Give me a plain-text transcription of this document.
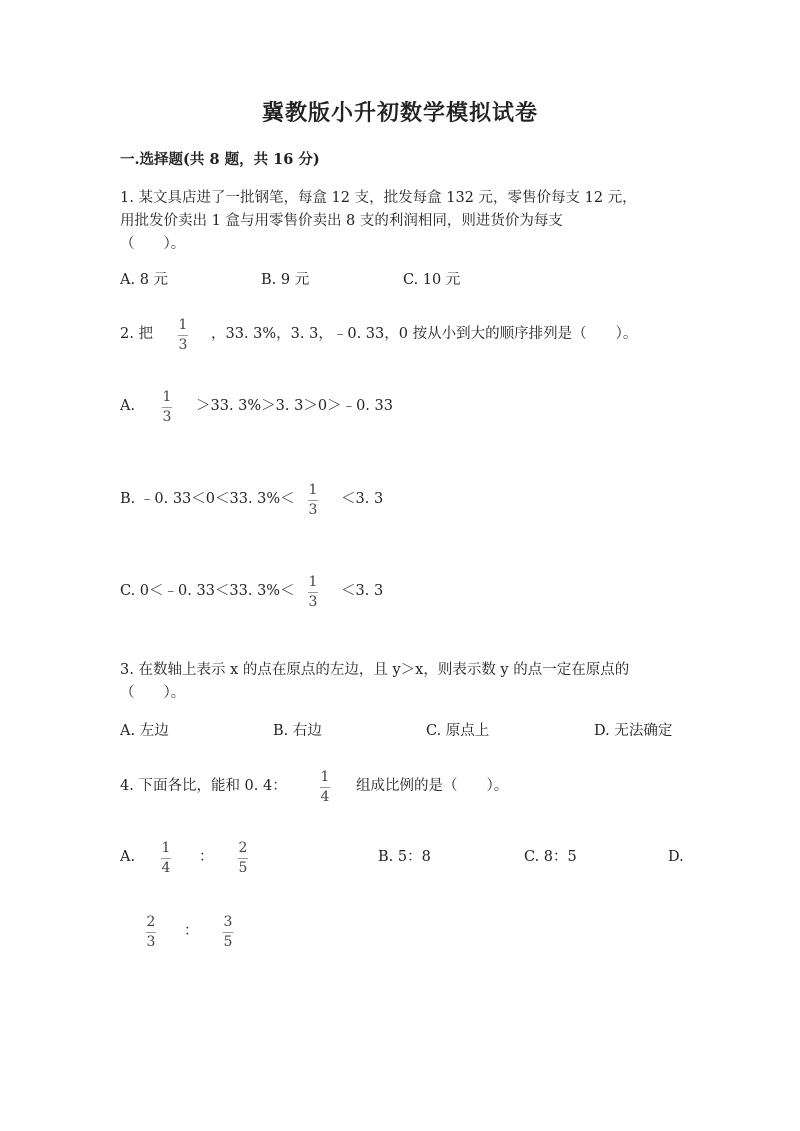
冀教版小升初数学模拟试卷
一.选择题(共 8 题，共 16 分)
1. 某文具店进了一批钢笔，每盒 12 支，批发每盒 132 元，零售价每支 12 元，
用批发价卖出 1 盒与用零售价卖出 8 支的利润相同，则进货价为每支
（　　）。
A. 8 元	B. 9 元	C. 10 元
2. 把
1
3
，33. 3%，3. 3，﹣0. 33，0 按从小到大的顺序排列是（　　）。
A.
1
3
＞33. 3%＞3. 3＞0＞﹣0. 33
B. ﹣0. 33＜0＜33. 3%＜
1
3
＜3. 3
C. 0＜﹣0. 33＜33. 3%＜
1
3
＜3. 3
3. 在数轴上表示 x 的点在原点的左边，且 y＞x，则表示数 y 的点一定在原点的
（　　）。
A. 左边	B. 右边	C. 原点上	D. 无法确定
4. 下面各比，能和 0. 4：
1
4
组成比例的是（　　）。
A.
1
4
：
2
5
B. 5：8	C. 8：5	D.
2
3
：
3
5
